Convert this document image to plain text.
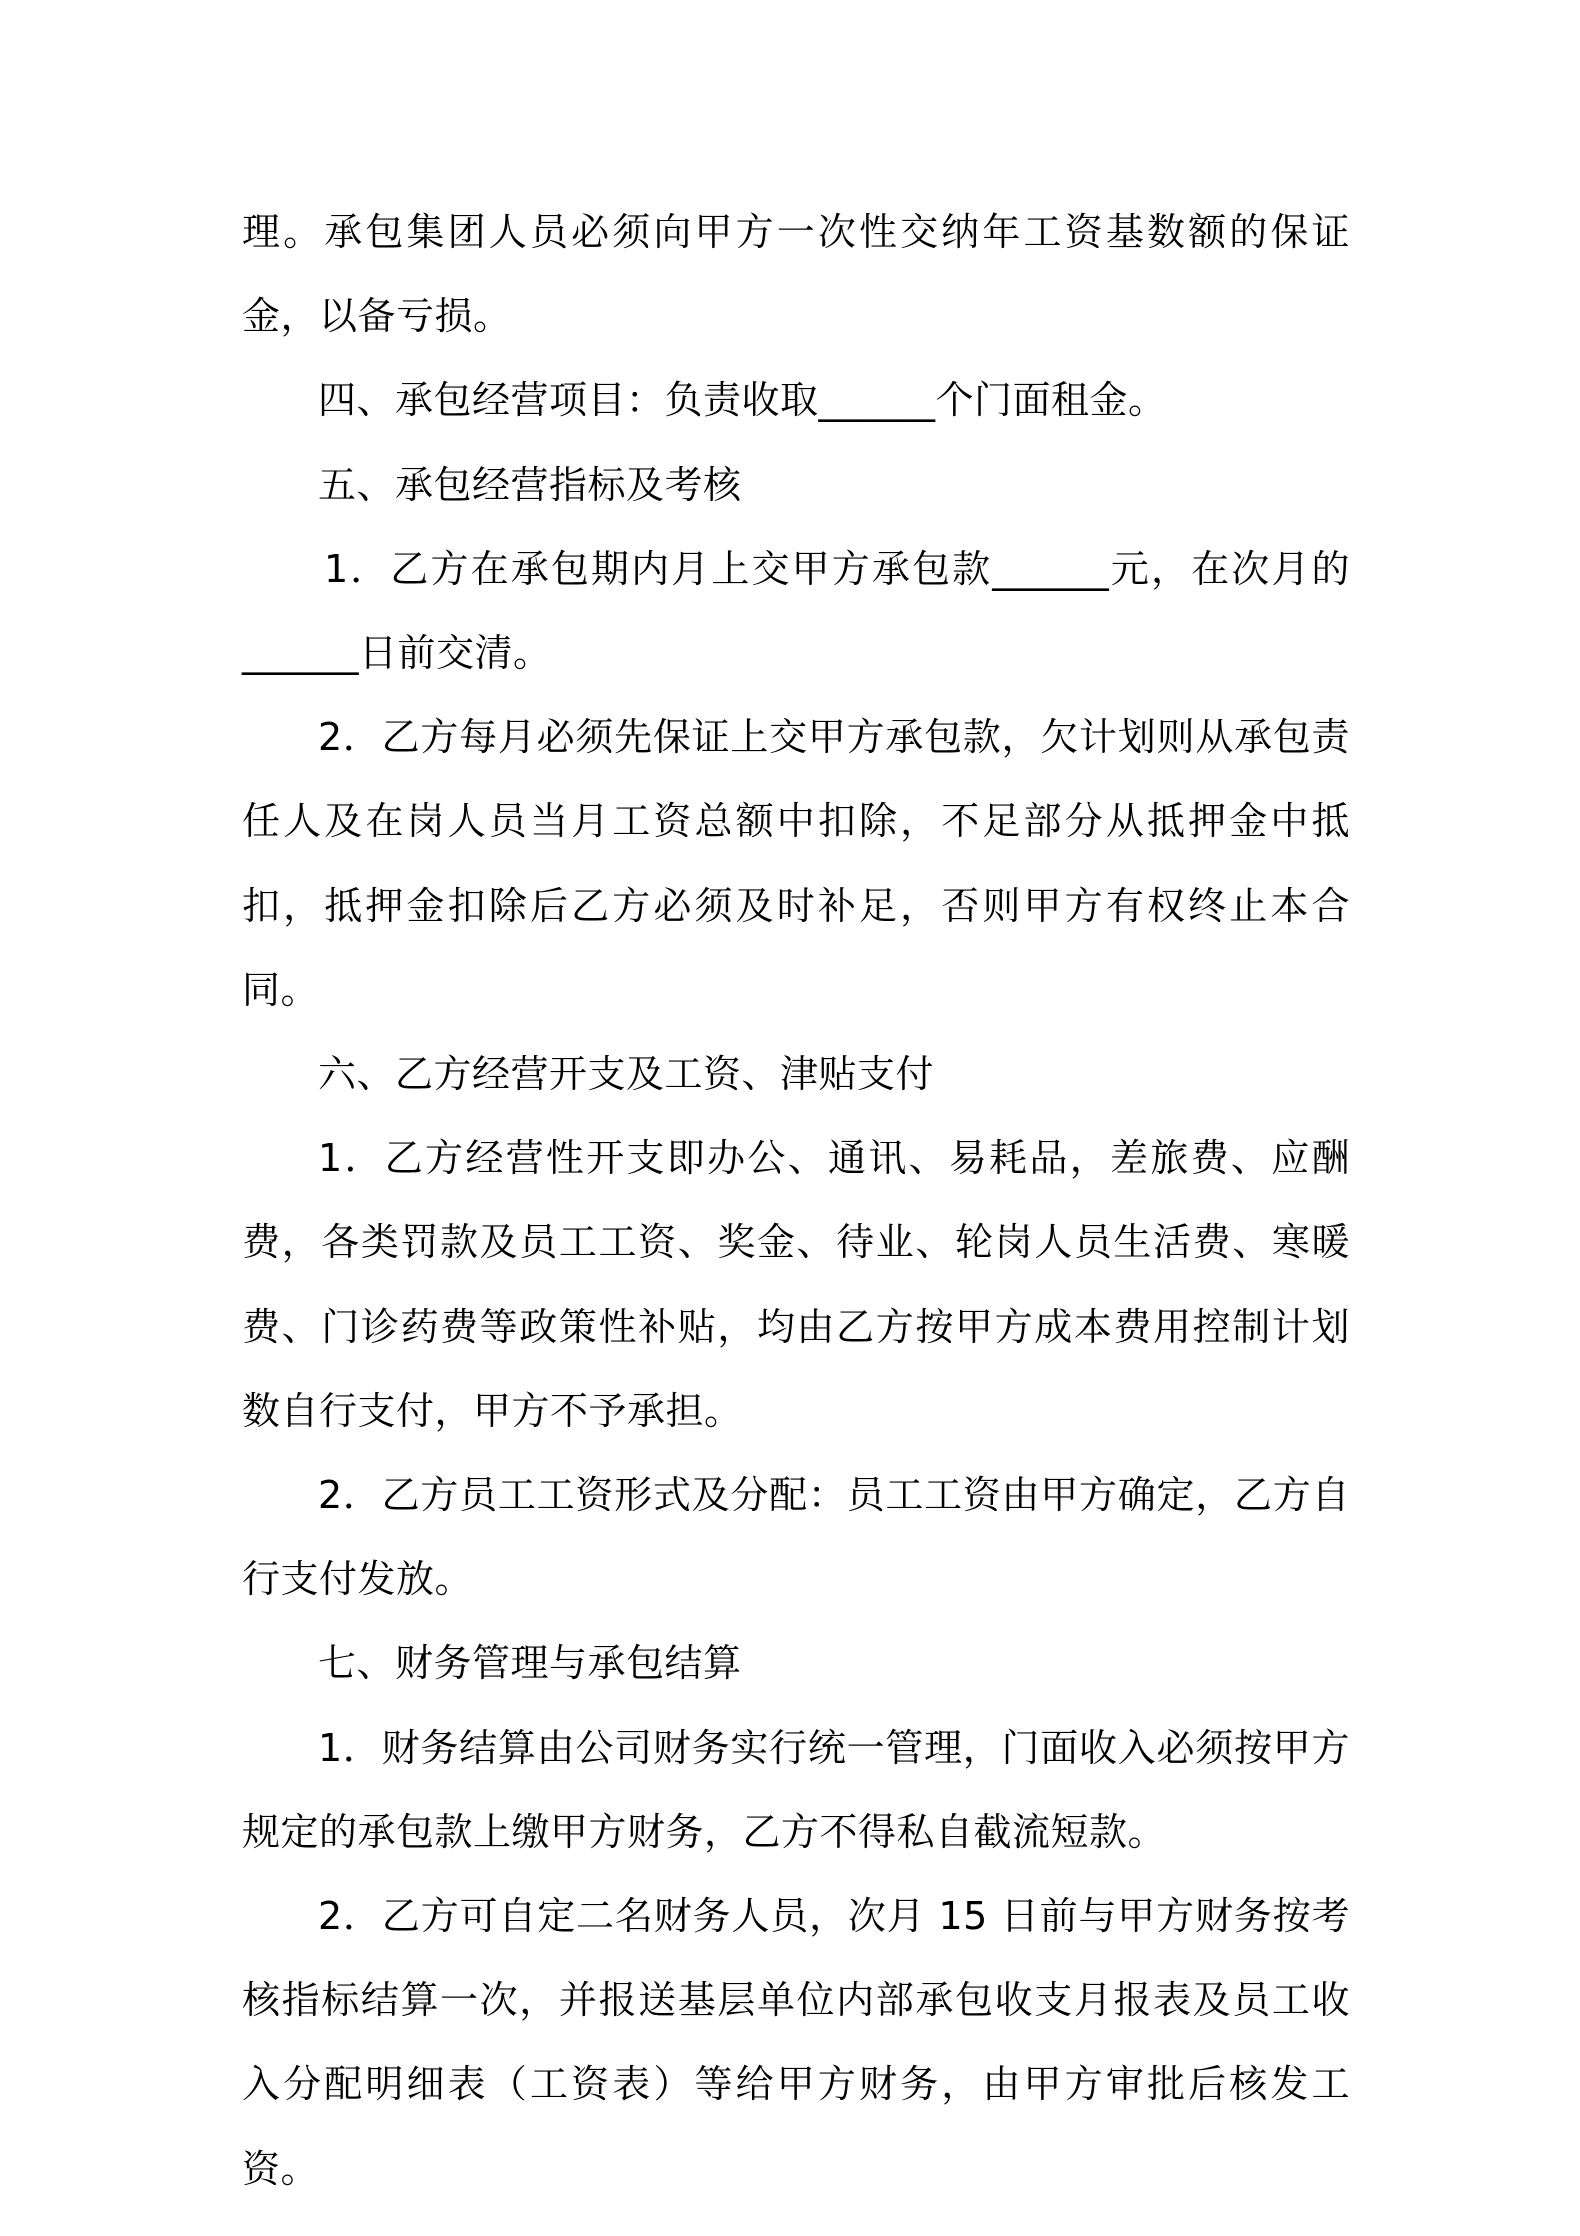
理。承包集团人员必须向甲方一次性交纳年工资基数额的保证金，以备亏损。

四、承包经营项目：负责收取______个门面租金。

五、承包经营指标及考核

1．乙方在承包期内月上交甲方承包款______元，在次月的______日前交清。

2．乙方每月必须先保证上交甲方承包款，欠计划则从承包责任人及在岗人员当月工资总额中扣除，不足部分从抵押金中抵扣，抵押金扣除后乙方必须及时补足，否则甲方有权终止本合同。

六、乙方经营开支及工资、津贴支付

1．乙方经营性开支即办公、通讯、易耗品，差旅费、应酬费，各类罚款及员工工资、奖金、待业、轮岗人员生活费、寒暖费、门诊药费等政策性补贴，均由乙方按甲方成本费用控制计划数自行支付，甲方不予承担。

2．乙方员工工资形式及分配：员工工资由甲方确定，乙方自行支付发放。

七、财务管理与承包结算

1．财务结算由公司财务实行统一管理，门面收入必须按甲方规定的承包款上缴甲方财务，乙方不得私自截流短款。

2．乙方可自定二名财务人员，次月 15 日前与甲方财务按考核指标结算一次，并报送基层单位内部承包收支月报表及员工收入分配明细表（工资表）等给甲方财务，由甲方审批后核发工资。
